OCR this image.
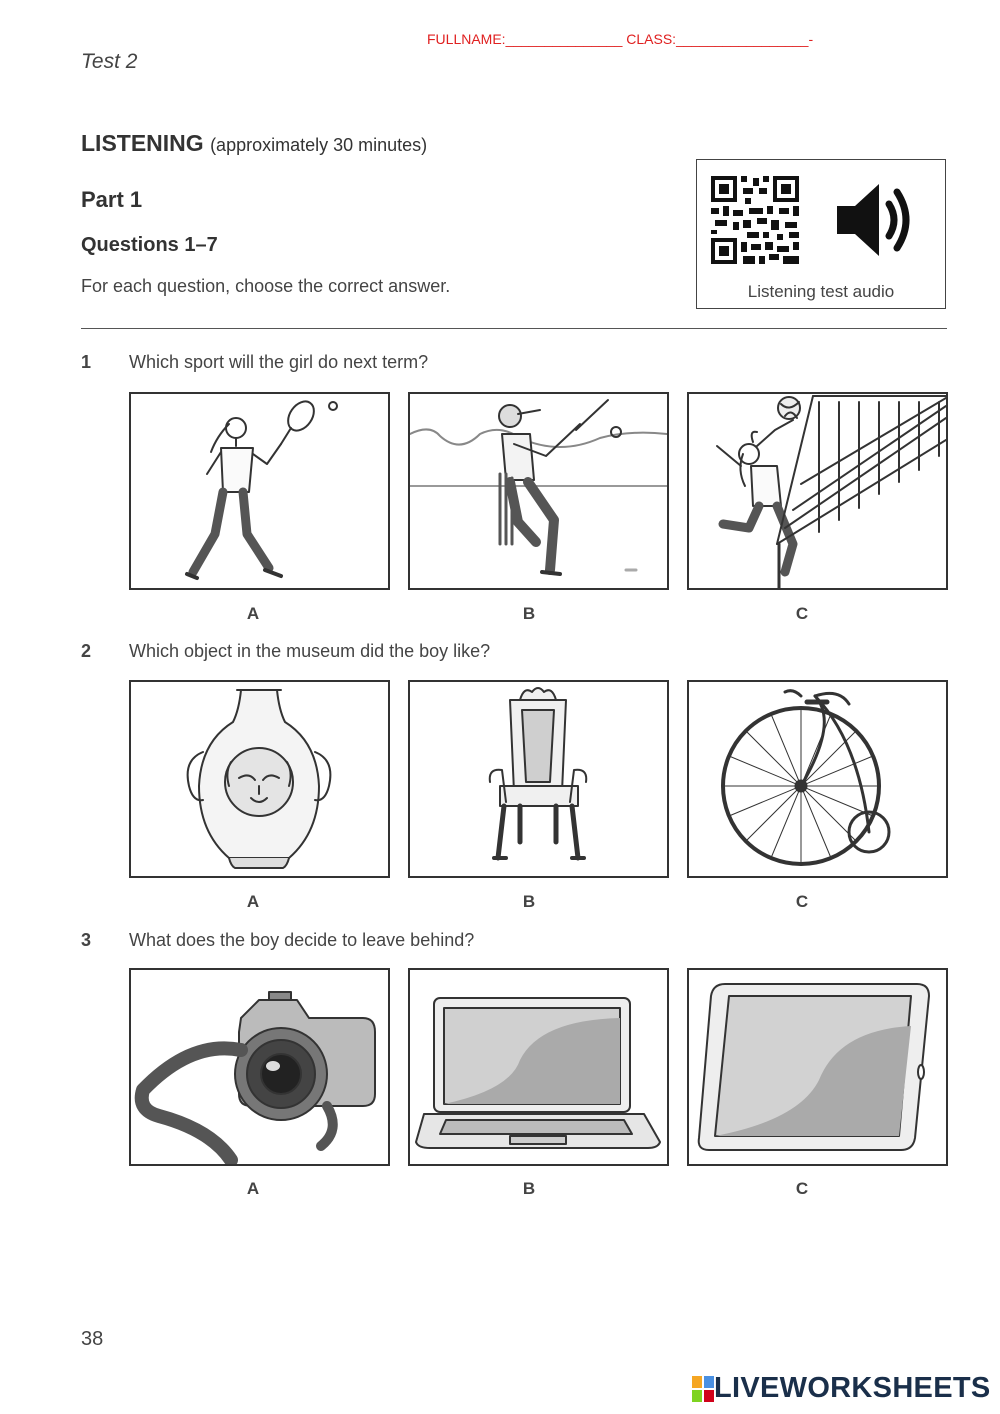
FULLNAME:_______________ CLASS:_________________-
Test 2
LISTENING (approximately 30 minutes)
Part 1
Questions 1–7
For each question, choose the correct answer.	Listening test audio
1 Which sport will the girl do next term?
A	B	C
2 Which object in the museum did the boy like?
A	B	C
3 What does the boy decide to leave behind?
A	B	C
38
LIVEWORKSHEETS
